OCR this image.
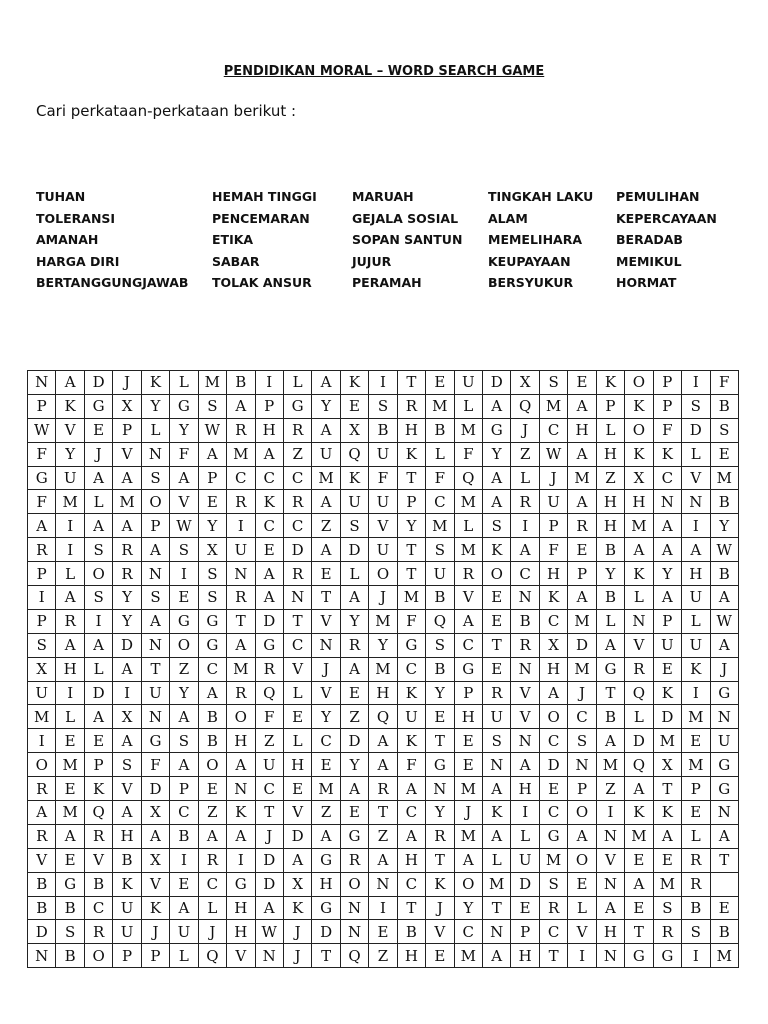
PENDIDIKAN MORAL – WORD SEARCH GAME
Cari perkataan-perkataan berikut :
TUHAN
TOLERANSI
AMANAH
HARGA DIRI
BERTANGGUNGJAWAB
HEMAH TINGGI
PENCEMARAN
ETIKA
SABAR
TOLAK ANSUR
MARUAH
GEJALA SOSIAL
SOPAN SANTUN
JUJUR
PERAMAH
TINGKAH LAKU
ALAM
MEMELIHARA
KEUPAYAAN
BERSYUKUR
PEMULIHAN
KEPERCAYAAN
BERADAB
MEMIKUL
HORMAT
N	A	D	J	K	L	M	B	I	L	A	K	I	T	E	U	D	X	S	E	K	O	P	I	F
P	K	G	X	Y	G	S	A	P	G	Y	E	S	R	M	L	A	Q	M	A	P	K	P	S	B
W	V	E	P	L	Y	W	R	H	R	A	X	B	H	B	M	G	J	C	H	L	O	F	D	S
F	Y	J	V	N	F	A	M	A	Z	U	Q	U	K	L	F	Y	Z	W	A	H	K	K	L	E
G	U	A	A	S	A	P	C	C	C	M	K	F	T	F	Q	A	L	J	M	Z	X	C	V	M
F	M	L	M	O	V	E	R	K	R	A	U	U	P	C	M	A	R	U	A	H	H	N	N	B
A	I	A	A	P	W	Y	I	C	C	Z	S	V	Y	M	L	S	I	P	R	H	M	A	I	Y
R	I	S	R	A	S	X	U	E	D	A	D	U	T	S	M	K	A	F	E	B	A	A	A	W
P	L	O	R	N	I	S	N	A	R	E	L	O	T	U	R	O	C	H	P	Y	K	Y	H	B
I	A	S	Y	S	E	S	R	A	N	T	A	J	M	B	V	E	N	K	A	B	L	A	U	A
P	R	I	Y	A	G	G	T	D	T	V	Y	M	F	Q	A	E	B	C	M	L	N	P	L	W
S	A	A	D	N	O	G	A	G	C	N	R	Y	G	S	C	T	R	X	D	A	V	U	U	A
X	H	L	A	T	Z	C	M	R	V	J	A	M	C	B	G	E	N	H	M	G	R	E	K	J
U	I	D	I	U	Y	A	R	Q	L	V	E	H	K	Y	P	R	V	A	J	T	Q	K	I	G
M	L	A	X	N	A	B	O	F	E	Y	Z	Q	U	E	H	U	V	O	C	B	L	D	M	N
I	E	E	A	G	S	B	H	Z	L	C	D	A	K	T	E	S	N	C	S	A	D	M	E	U
O	M	P	S	F	A	O	A	U	H	E	Y	A	F	G	E	N	A	D	N	M	Q	X	M	G
R	E	K	V	D	P	E	N	C	E	M	A	R	A	N	M	A	H	E	P	Z	A	T	P	G
A	M	Q	A	X	C	Z	K	T	V	Z	E	T	C	Y	J	K	I	C	O	I	K	K	E	N
R	A	R	H	A	B	A	A	J	D	A	G	Z	A	R	M	A	L	G	A	N	M	A	L	A
V	E	V	B	X	I	R	I	D	A	G	R	A	H	T	A	L	U	M	O	V	E	E	R	T
B	G	B	K	V	E	C	G	D	X	H	O	N	C	K	O	M	D	S	E	N	A	M	R	
B	B	C	U	K	A	L	H	A	K	G	N	I	T	J	Y	T	E	R	L	A	E	S	B	E
D	S	R	U	J	U	J	H	W	J	D	N	E	B	V	C	N	P	C	V	H	T	R	S	B
N	B	O	P	P	L	Q	V	N	J	T	Q	Z	H	E	M	A	H	T	I	N	G	G	I	M
